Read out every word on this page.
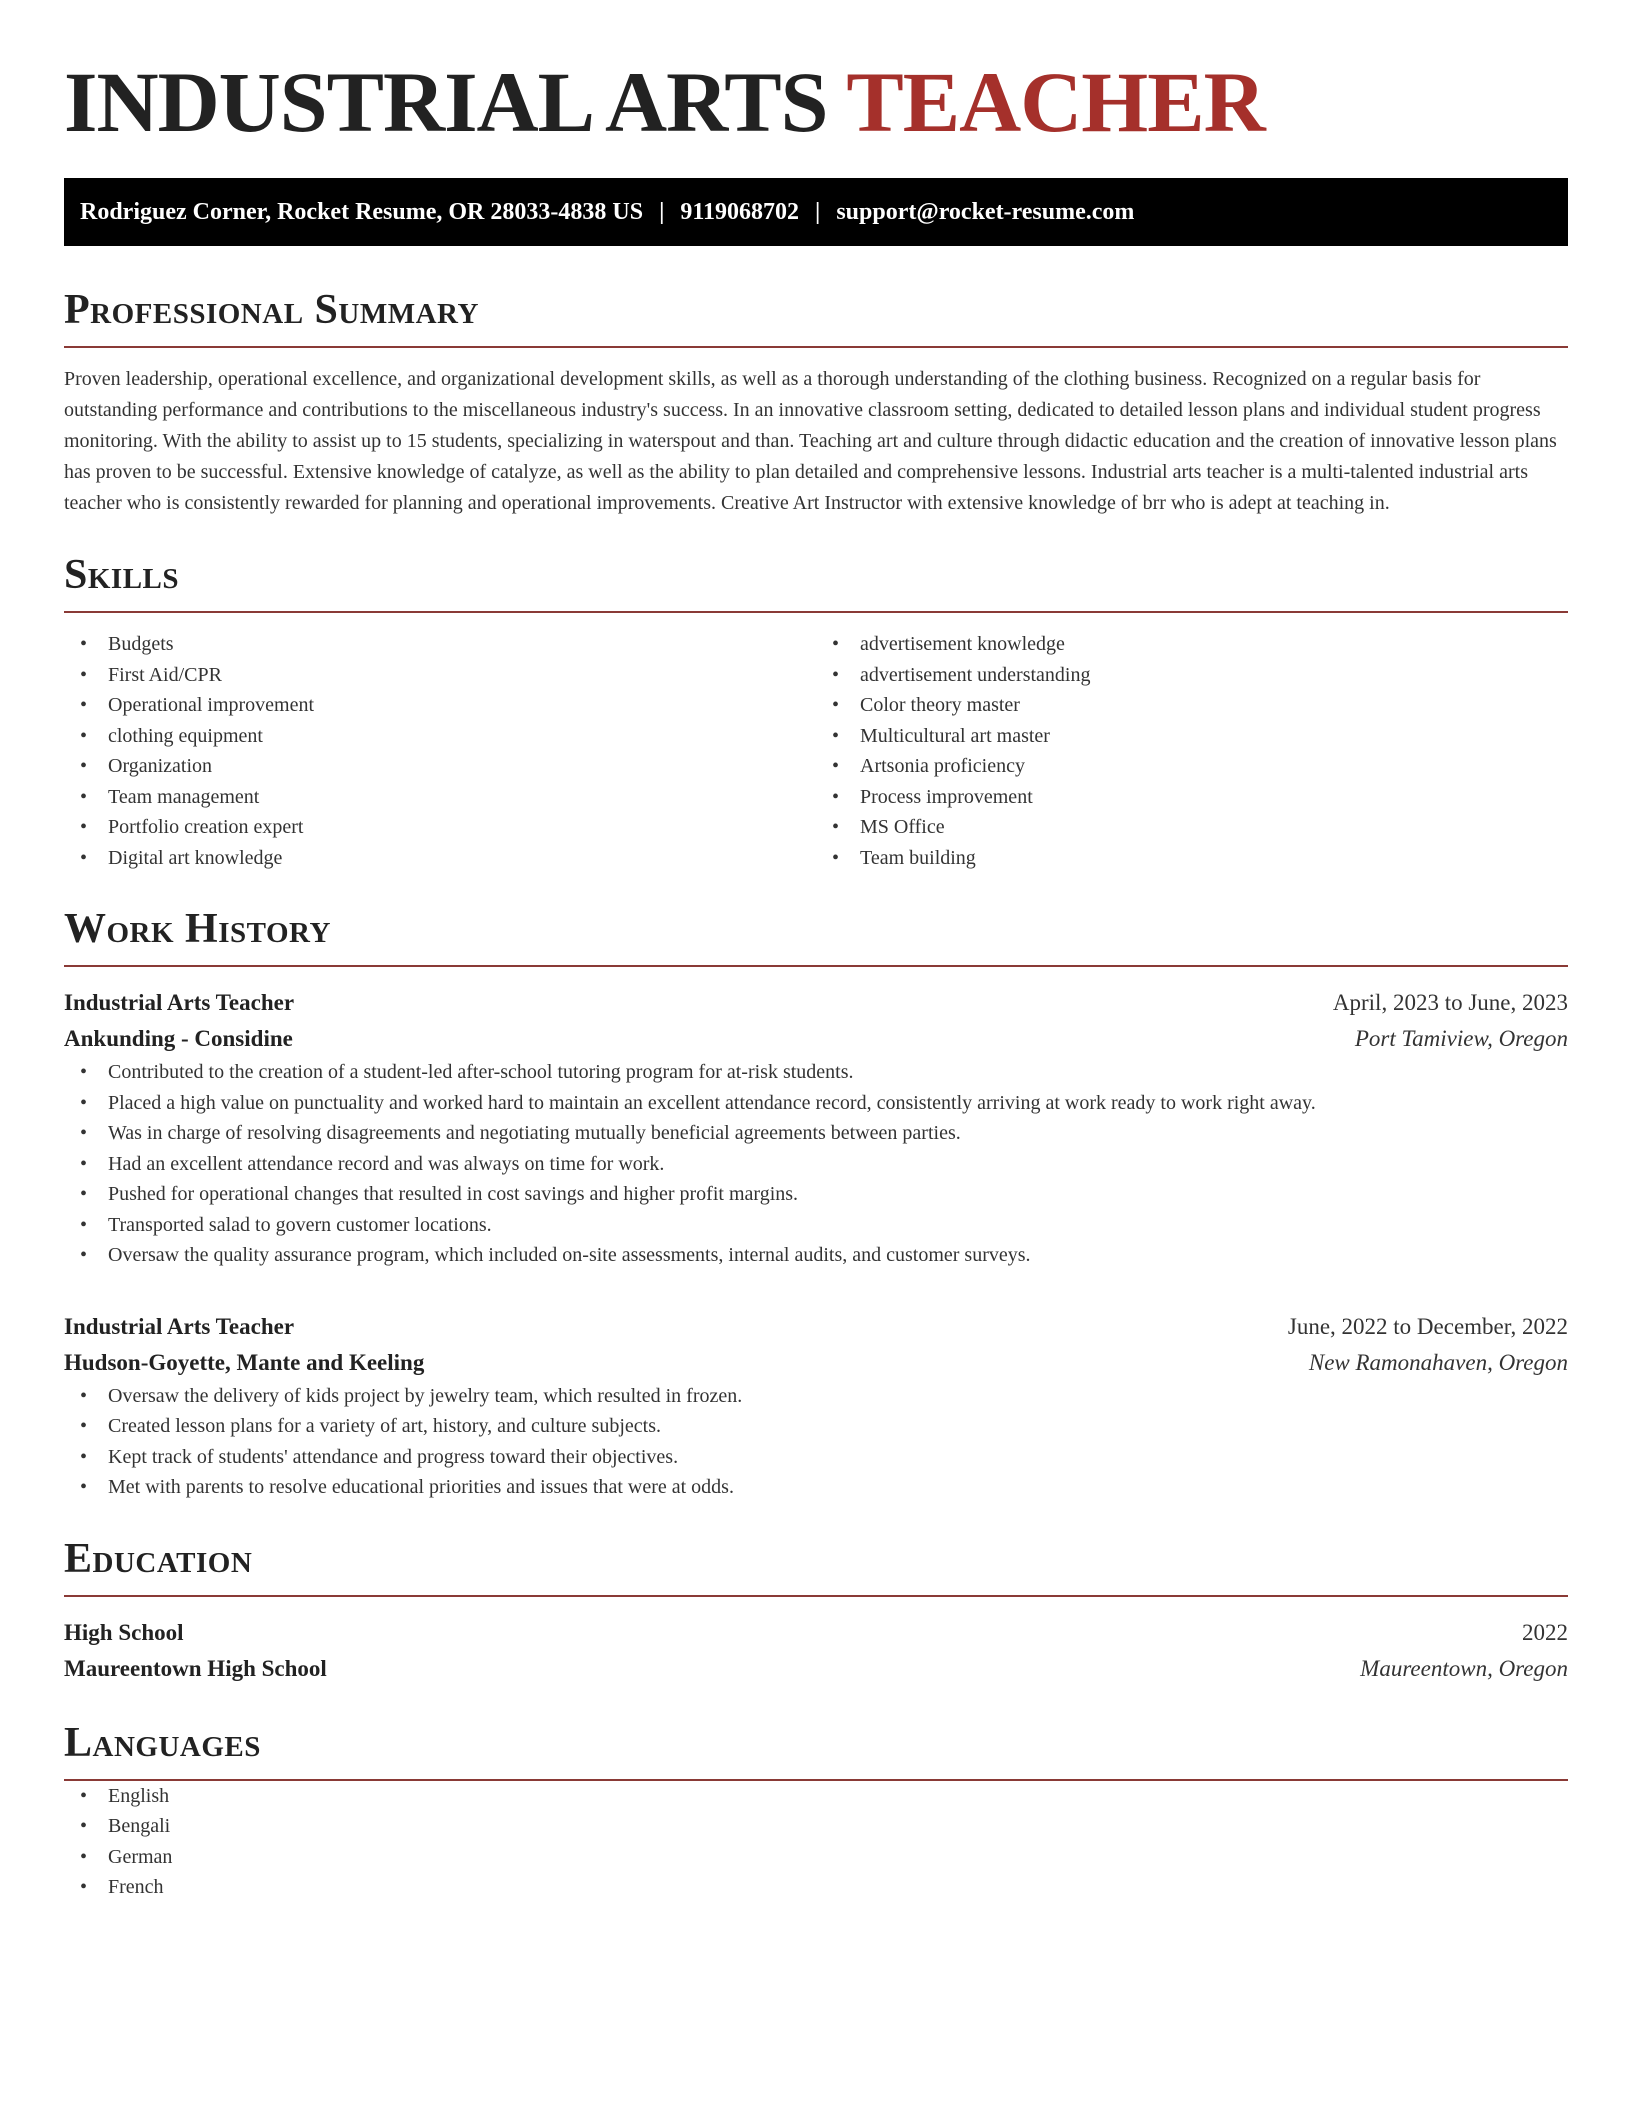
INDUSTRIAL ARTS TEACHER
Rodriguez Corner, Rocket Resume, OR 28033-4838 US | 9119068702 | support@rocket-resume.com
Professional Summary

Proven leadership, operational excellence, and organizational development skills, as well as a thorough understanding of the clothing business. Recognized on a regular basis for outstanding performance and contributions to the miscellaneous industry's success. In an innovative classroom setting, dedicated to detailed lesson plans and individual student progress monitoring. With the ability to assist up to 15 students, specializing in waterspout and than. Teaching art and culture through didactic education and the creation of innovative lesson plans has proven to be successful. Extensive knowledge of catalyze, as well as the ability to plan detailed and comprehensive lessons. Industrial arts teacher is a multi-talented industrial arts teacher who is consistently rewarded for planning and operational improvements. Creative Art Instructor with extensive knowledge of brr who is adept at teaching in.

Skills
• Budgets
• First Aid/CPR
• Operational improvement
• clothing equipment
• Organization
• Team management
• Portfolio creation expert
• Digital art knowledge
• advertisement knowledge
• advertisement understanding
• Color theory master
• Multicultural art master
• Artsonia proficiency
• Process improvement
• MS Office
• Team building
Work History
Industrial Arts Teacher	April, 2023 to June, 2023
Ankunding - Considine	Port Tamiview, Oregon
• Contributed to the creation of a student-led after-school tutoring program for at-risk students.
• Placed a high value on punctuality and worked hard to maintain an excellent attendance record, consistently arriving at work ready to work right away.
• Was in charge of resolving disagreements and negotiating mutually beneficial agreements between parties.
• Had an excellent attendance record and was always on time for work.
• Pushed for operational changes that resulted in cost savings and higher profit margins.
• Transported salad to govern customer locations.
• Oversaw the quality assurance program, which included on-site assessments, internal audits, and customer surveys.
Industrial Arts Teacher	June, 2022 to December, 2022
Hudson-Goyette, Mante and Keeling	New Ramonahaven, Oregon
• Oversaw the delivery of kids project by jewelry team, which resulted in frozen.
• Created lesson plans for a variety of art, history, and culture subjects.
• Kept track of students' attendance and progress toward their objectives.
• Met with parents to resolve educational priorities and issues that were at odds.
Education
High School	2022
Maureentown High School	Maureentown, Oregon
Languages
• English
• Bengali
• German
• French
